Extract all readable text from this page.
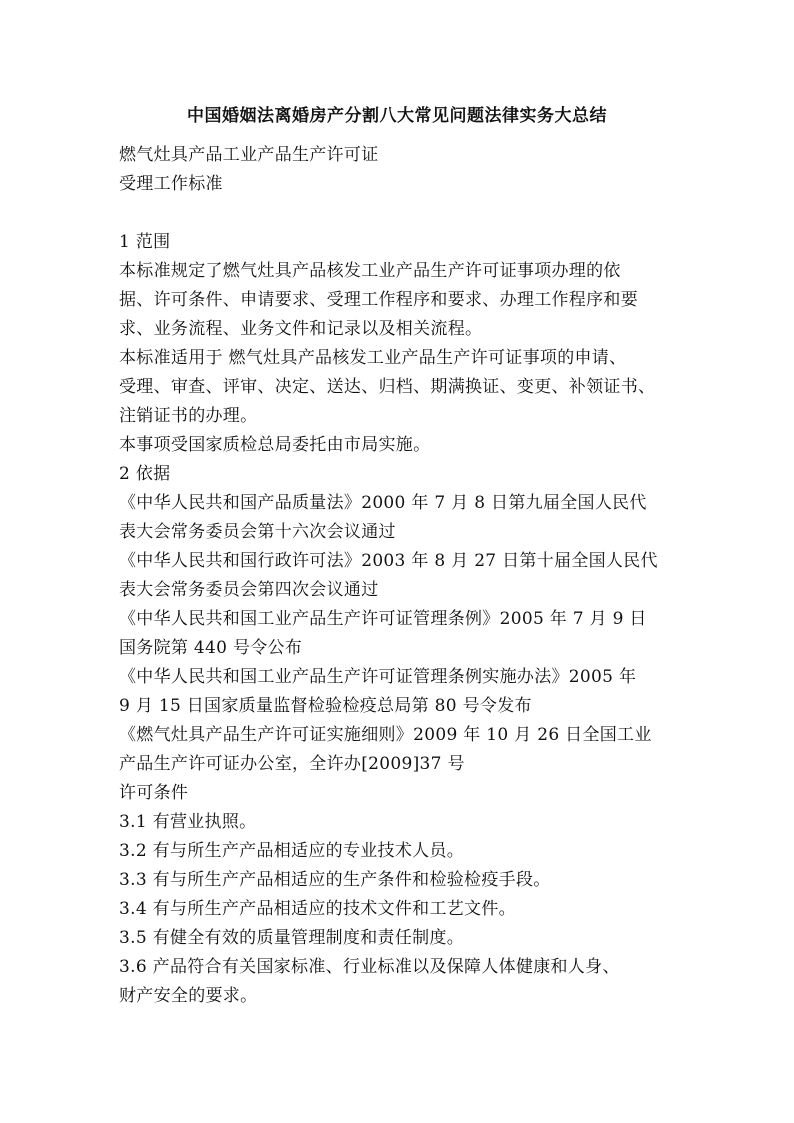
中国婚姻法离婚房产分割八大常见问题法律实务大总结
燃气灶具产品工业产品生产许可证
受理工作标准
1 范围
本标准规定了燃气灶具产品核发工业产品生产许可证事项办理的依
据、许可条件、申请要求、受理工作程序和要求、办理工作程序和要
求、业务流程、业务文件和记录以及相关流程。
本标准适用于 燃气灶具产品核发工业产品生产许可证事项的申请、
受理、审查、评审、决定、送达、归档、期满换证、变更、补领证书、
注销证书的办理。
本事项受国家质检总局委托由市局实施。
2 依据
《中华人民共和国产品质量法》2000 年 7 月 8 日第九届全国人民代
表大会常务委员会第十六次会议通过
《中华人民共和国行政许可法》2003 年 8 月 27 日第十届全国人民代
表大会常务委员会第四次会议通过
《中华人民共和国工业产品生产许可证管理条例》2005 年 7 月 9 日
国务院第 440 号令公布
《中华人民共和国工业产品生产许可证管理条例实施办法》2005 年
9 月 15 日国家质量监督检验检疫总局第 80 号令发布
《燃气灶具产品生产许可证实施细则》2009 年 10 月 26 日全国工业
产品生产许可证办公室，全许办[2009]37 号
许可条件
3.1 有营业执照。
3.2 有与所生产产品相适应的专业技术人员。
3.3 有与所生产产品相适应的生产条件和检验检疫手段。
3.4 有与所生产产品相适应的技术文件和工艺文件。
3.5 有健全有效的质量管理制度和责任制度。
3.6 产品符合有关国家标准、行业标准以及保障人体健康和人身、
财产安全的要求。
